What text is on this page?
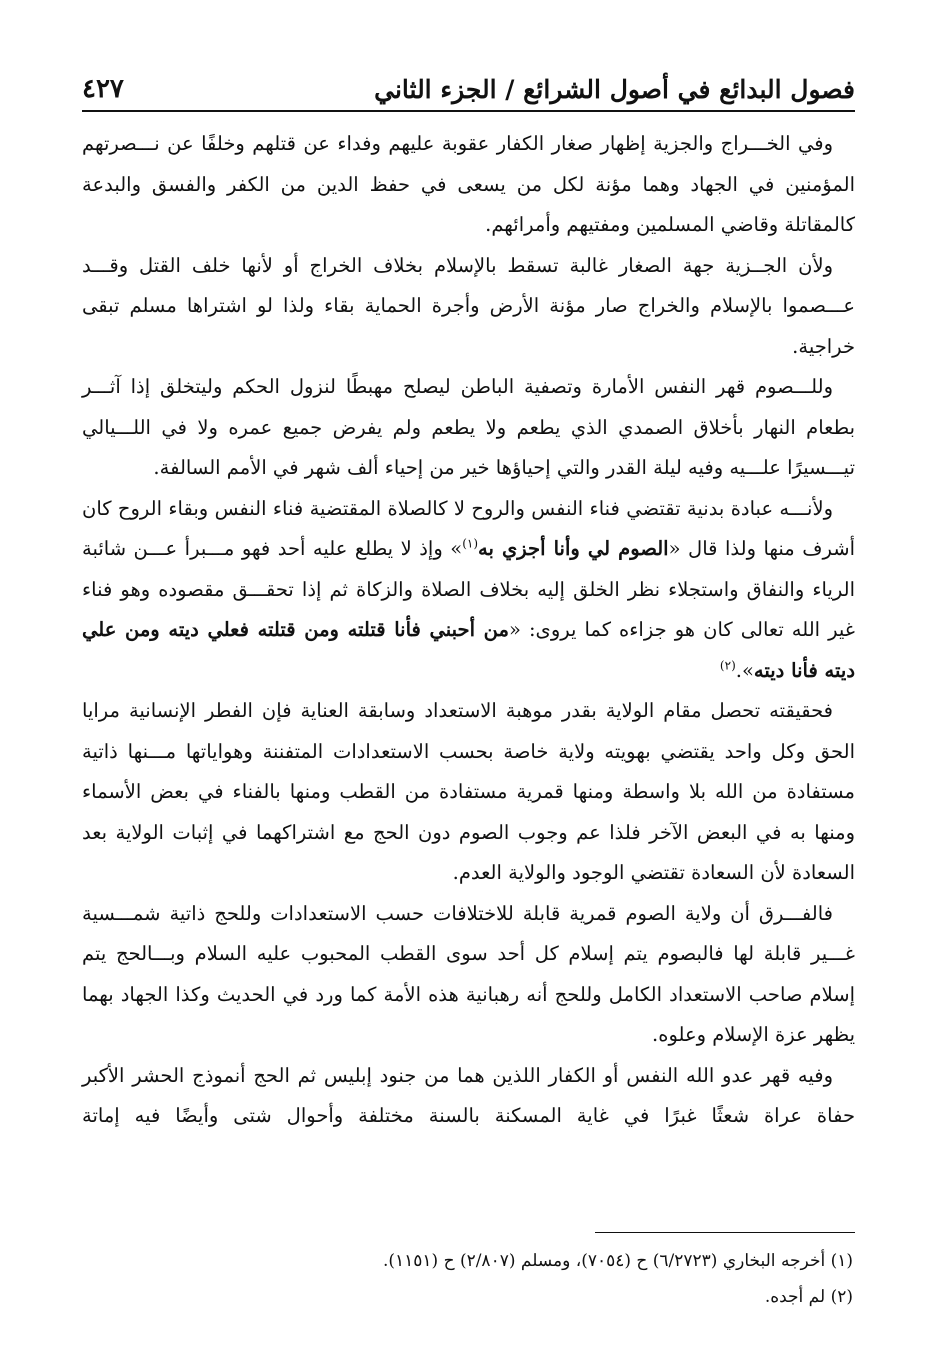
فصول البدائع في أصول الشرائع / الجزء الثاني
٤٢٧

وفي الخـــراج والجزية إظهار صغار الكفار عقوبة عليهم وفداء عن قتلهم وخلفًا عن نـــصرتهم المؤمنين في الجهاد وهما مؤنة لكل من يسعى في حفظ الدين من الكفر والفسق والبدعة كالمقاتلة وقاضي المسلمين ومفتيهم وأمرائهم.

ولأن الجــزية جهة الصغار غالبة تسقط بالإسلام بخلاف الخراج أو لأنها خلف القتل وقـــد عـــصموا بالإسلام والخراج صار مؤنة الأرض وأجرة الحماية بقاء ولذا لو اشتراها مسلم تبقى خراجية.

وللـــصوم قهر النفس الأمارة وتصفية الباطن ليصلح مهبطًا لنزول الحكم وليتخلق إذا آثـــر بطعام النهار بأخلاق الصمدي الذي يطعم ولا يطعم ولم يفرض جميع عمره ولا في اللـــيالي تيـــسيرًا علـــيه وفيه ليلة القدر والتي إحياؤها خير من إحياء ألف شهر في الأمم السالفة.

ولأنـــه عبادة بدنية تقتضي فناء النفس والروح لا كالصلاة المقتضية فناء النفس وبقاء الروح كان أشرف منها ولذا قال «الصوم لي وأنا أجزي به$^{(١)}$» وإذ لا يطلع عليه أحد فهو مـــبرأ عـــن شائبة الرياء والنفاق واستجلاء نظر الخلق إليه بخلاف الصلاة والزكاة ثم إذا تحقـــق مقصوده وهو فناء غير الله تعالى كان هو جزاءه كما يروى: «من أحبني فأنا قتلته ومن قتلته فعلي ديته ومن علي ديته فأنا ديته».$^{(٢)}$

فحقيقته تحصل مقام الولاية بقدر موهبة الاستعداد وسابقة العناية فإن الفطر الإنسانية مرايا الحق وكل واحد يقتضي بهويته ولاية خاصة بحسب الاستعدادات المتفننة وهواياتها مـــنها ذاتية مستفادة من الله بلا واسطة ومنها قمرية مستفادة من القطب ومنها بالفناء في بعض الأسماء ومنها به في البعض الآخر فلذا عم وجوب الصوم دون الحج مع اشتراكهما في إثبات الولاية بعد السعادة لأن السعادة تقتضي الوجود والولاية العدم.

فالفـــرق أن ولاية الصوم قمرية قابلة للاختلافات حسب الاستعدادات وللحج ذاتية شمـــسية غـــير قابلة لها فالبصوم يتم إسلام كل أحد سوى القطب المحبوب عليه السلام وبـــالحج يتم إسلام صاحب الاستعداد الكامل وللحج أنه رهبانية هذه الأمة كما ورد في الحديث وكذا الجهاد بهما يظهر عزة الإسلام وعلوه.

وفيه قهر عدو الله النفس أو الكفار اللذين هما من جنود إبليس ثم الحج أنموذج الحشر الأكبر حفاة عراة شعثًا غبرًا في غاية المسكنة بالسنة مختلفة وأحوال شتى وأيضًا فيه إماتة

(١) أخرجه البخاري (٦/٢٧٢٣) ح (٧٠٥٤)، ومسلم (٢/٨٠٧) ح (١١٥١).
(٢) لم أجده.
